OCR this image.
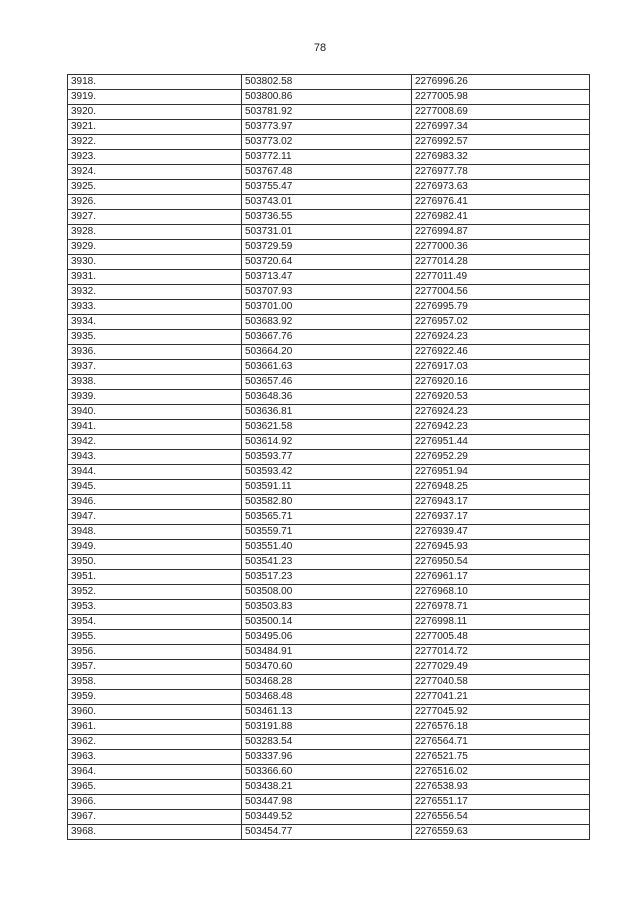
78
3918.	503802.58	2276996.26
3919.	503800.86	2277005.98
3920.	503781.92	2277008.69
3921.	503773.97	2276997.34
3922.	503773.02	2276992.57
3923.	503772.11	2276983.32
3924.	503767.48	2276977.78
3925.	503755.47	2276973.63
3926.	503743.01	2276976.41
3927.	503736.55	2276982.41
3928.	503731.01	2276994.87
3929.	503729.59	2277000.36
3930.	503720.64	2277014.28
3931.	503713.47	2277011.49
3932.	503707.93	2277004.56
3933.	503701.00	2276995.79
3934.	503683.92	2276957.02
3935.	503667.76	2276924.23
3936.	503664.20	2276922.46
3937.	503661.63	2276917.03
3938.	503657.46	2276920.16
3939.	503648.36	2276920.53
3940.	503636.81	2276924.23
3941.	503621.58	2276942.23
3942.	503614.92	2276951.44
3943.	503593.77	2276952.29
3944.	503593.42	2276951.94
3945.	503591.11	2276948.25
3946.	503582.80	2276943.17
3947.	503565.71	2276937.17
3948.	503559.71	2276939.47
3949.	503551.40	2276945.93
3950.	503541.23	2276950.54
3951.	503517.23	2276961.17
3952.	503508.00	2276968.10
3953.	503503.83	2276978.71
3954.	503500.14	2276998.11
3955.	503495.06	2277005.48
3956.	503484.91	2277014.72
3957.	503470.60	2277029.49
3958.	503468.28	2277040.58
3959.	503468.48	2277041.21
3960.	503461.13	2277045.92
3961.	503191.88	2276576.18
3962.	503283.54	2276564.71
3963.	503337.96	2276521.75
3964.	503366.60	2276516.02
3965.	503438.21	2276538.93
3966.	503447.98	2276551.17
3967.	503449.52	2276556.54
3968.	503454.77	2276559.63
